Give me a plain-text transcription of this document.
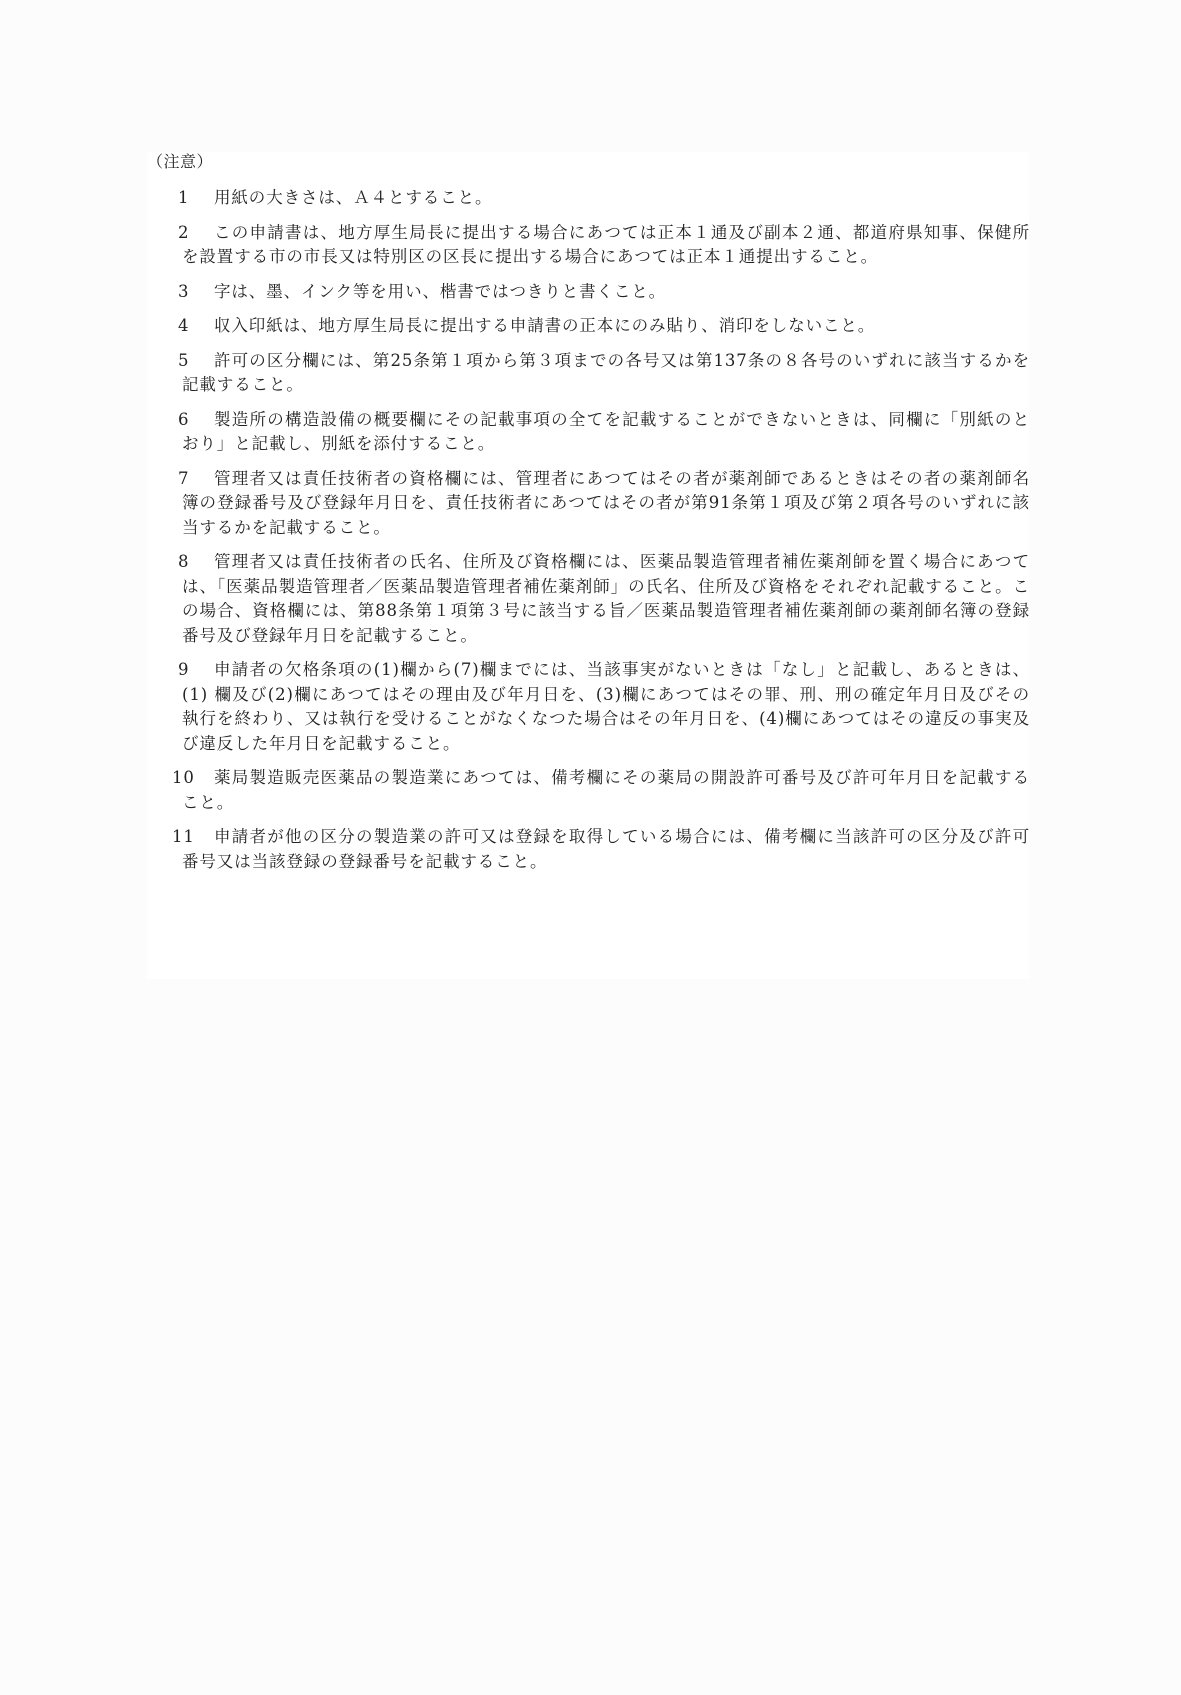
（注意）
1	用紙の大きさは、Ａ４とすること。
2	この申請書は、地方厚生局長に提出する場合にあつては正本１通及び副本２通、都道府県知事、保健所を設置する市の市長又は特別区の区長に提出する場合にあつては正本１通提出すること。
3	字は、墨、インク等を用い、楷書ではつきりと書くこと。
4	収入印紙は、地方厚生局長に提出する申請書の正本にのみ貼り、消印をしないこと。
5	許可の区分欄には、第25条第１項から第３項までの各号又は第137条の８各号のいずれに該当するかを記載すること。
6	製造所の構造設備の概要欄にその記載事項の全てを記載することができないときは、同欄に「別紙のとおり」と記載し、別紙を添付すること。
7	管理者又は責任技術者の資格欄には、管理者にあつてはその者が薬剤師であるときはその者の薬剤師名簿の登録番号及び登録年月日を、責任技術者にあつてはその者が第91条第１項及び第２項各号のいずれに該当するかを記載すること。
8	管理者又は責任技術者の氏名、住所及び資格欄には、医薬品製造管理者補佐薬剤師を置く場合にあつては、「医薬品製造管理者／医薬品製造管理者補佐薬剤師」の氏名、住所及び資格をそれぞれ記載すること。この場合、資格欄には、第88条第１項第３号に該当する旨／医薬品製造管理者補佐薬剤師の薬剤師名簿の登録番号及び登録年月日を記載すること。
9	申請者の欠格条項の(1)欄から(7)欄までには、当該事実がないときは「なし」と記載し、あるときは、(1) 欄及び(2)欄にあつてはその理由及び年月日を、(3)欄にあつてはその罪、刑、刑の確定年月日及びその執行を終わり、又は執行を受けることがなくなつた場合はその年月日を、(4)欄にあつてはその違反の事実及び違反した年月日を記載すること。
10	薬局製造販売医薬品の製造業にあつては、備考欄にその薬局の開設許可番号及び許可年月日を記載すること。
11	申請者が他の区分の製造業の許可又は登録を取得している場合には、備考欄に当該許可の区分及び許可番号又は当該登録の登録番号を記載すること。
